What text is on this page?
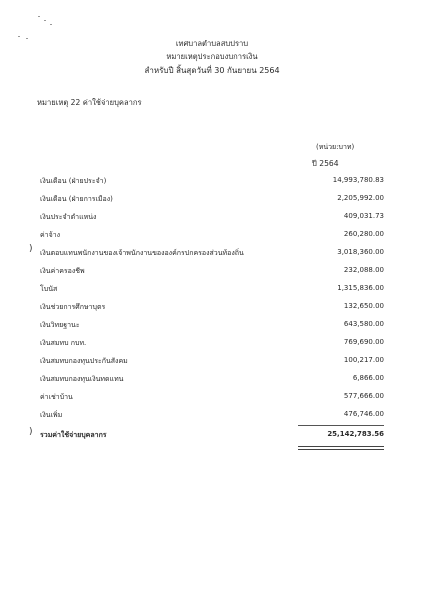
เทศบาลตำบลสบปราบ
หมายเหตุประกอบงบการเงิน
สำหรับปี สิ้นสุดวันที่ 30 กันยายน 2564
หมายเหตุ 22 ค่าใช้จ่ายบุคลากร
(หน่วย:บาท)
ปี 2564
เงินเดือน (ฝ่ายประจำ)	14,993,780.83
เงินเดือน (ฝ่ายการเมือง)	2,205,992.00
เงินประจำตำแหน่ง	409,031.73
ค่าจ้าง	260,280.00
เงินตอบแทนพนักงานของเจ้าพนักงานขององค์กรปกครองส่วนท้องถิ่น	3,018,360.00
เงินค่าครองชีพ	232,088.00
โบนัส	1,315,836.00
เงินช่วยการศึกษาบุตร	132,650.00
เงินวิทยฐานะ	643,580.00
เงินสมทบ กบท.	769,690.00
เงินสมทบกองทุนประกันสังคม	100,217.00
เงินสมทบกองทุนเงินทดแทน	6,866.00
ค่าเช่าบ้าน	577,666.00
เงินเพิ่ม	476,746.00
รวมค่าใช้จ่ายบุคลากร	25,142,783.56
)
)
